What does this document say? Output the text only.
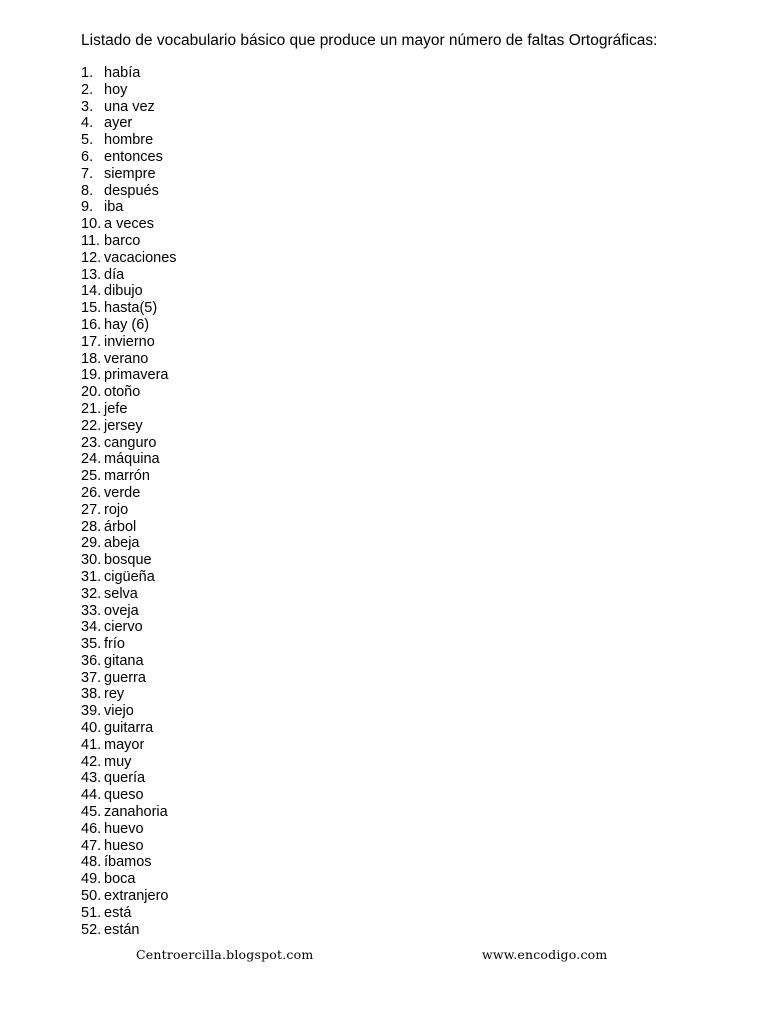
Listado de vocabulario básico que produce un mayor número de faltas Ortográficas:
1. había
2. hoy
3. una vez
4. ayer
5. hombre
6. entonces
7. siempre
8. después
9. iba
10. a veces
11. barco
12. vacaciones
13. día
14. dibujo
15. hasta(5)
16. hay (6)
17. invierno
18. verano
19. primavera
20. otoño
21. jefe
22. jersey
23. canguro
24. máquina
25. marrón
26. verde
27. rojo
28. árbol
29. abeja
30. bosque
31. cigüeña
32. selva
33. oveja
34. ciervo
35. frío
36. gitana
37. guerra
38. rey
39. viejo
40. guitarra
41. mayor
42. muy
43. quería
44. queso
45. zanahoria
46. huevo
47. hueso
48. íbamos
49. boca
50. extranjero
51. está
52. están
Centroercilla.blogspot.com	www.encodigo.com
